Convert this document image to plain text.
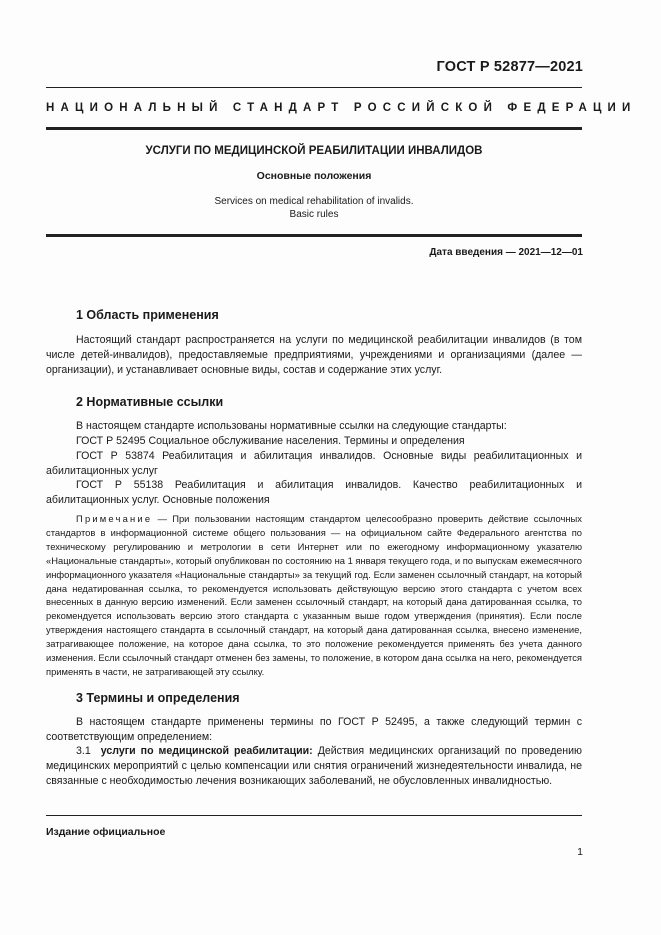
ГОСТ Р 52877—2021
НАЦИОНАЛЬНЫЙ СТАНДАРТ РОССИЙСКОЙ ФЕДЕРАЦИИ
УСЛУГИ ПО МЕДИЦИНСКОЙ РЕАБИЛИТАЦИИ ИНВАЛИДОВ
Основные положения
Services on medical rehabilitation of invalids.
Basic rules
Дата введения — 2021—12—01
1 Область применения
Настоящий стандарт распространяется на услуги по медицинской реабилитации инвалидов (в том числе детей-инвалидов), предоставляемые предприятиями, учреждениями и организациями (далее — организации), и устанавливает основные виды, состав и содержание этих услуг.
2 Нормативные ссылки
В настоящем стандарте использованы нормативные ссылки на следующие стандарты:
ГОСТ Р 52495 Социальное обслуживание населения. Термины и определения
ГОСТ Р 53874 Реабилитация и абилитация инвалидов. Основные виды реабилитационных и абилитационных услуг
ГОСТ Р 55138 Реабилитация и абилитация инвалидов. Качество реабилитационных и абилитационных услуг. Основные положения
Примечание — При пользовании настоящим стандартом целесообразно проверить действие ссылочных стандартов в информационной системе общего пользования — на официальном сайте Федерального агентства по техническому регулированию и метрологии в сети Интернет или по ежегодному информационному указателю «Национальные стандарты», который опубликован по состоянию на 1 января текущего года, и по выпускам ежемесячного информационного указателя «Национальные стандарты» за текущий год. Если заменен ссылочный стандарт, на который дана недатированная ссылка, то рекомендуется использовать действующую версию этого стандарта с учетом всех внесенных в данную версию изменений. Если заменен ссылочный стандарт, на который дана датированная ссылка, то рекомендуется использовать версию этого стандарта с указанным выше годом утверждения (принятия). Если после утверждения настоящего стандарта в ссылочный стандарт, на который дана датированная ссылка, внесено изменение, затрагивающее положение, на которое дана ссылка, то это положение рекомендуется применять без учета данного изменения. Если ссылочный стандарт отменен без замены, то положение, в котором дана ссылка на него, рекомендуется применять в части, не затрагивающей эту ссылку.
3 Термины и определения
В настоящем стандарте применены термины по ГОСТ Р 52495, а также следующий термин с соответствующим определением:
3.1 услуги по медицинской реабилитации: Действия медицинских организаций по проведению медицинских мероприятий с целью компенсации или снятия ограничений жизнедеятельности инвалида, не связанные с необходимостью лечения возникающих заболеваний, не обусловленных инвалидностью.
Издание официальное
1
